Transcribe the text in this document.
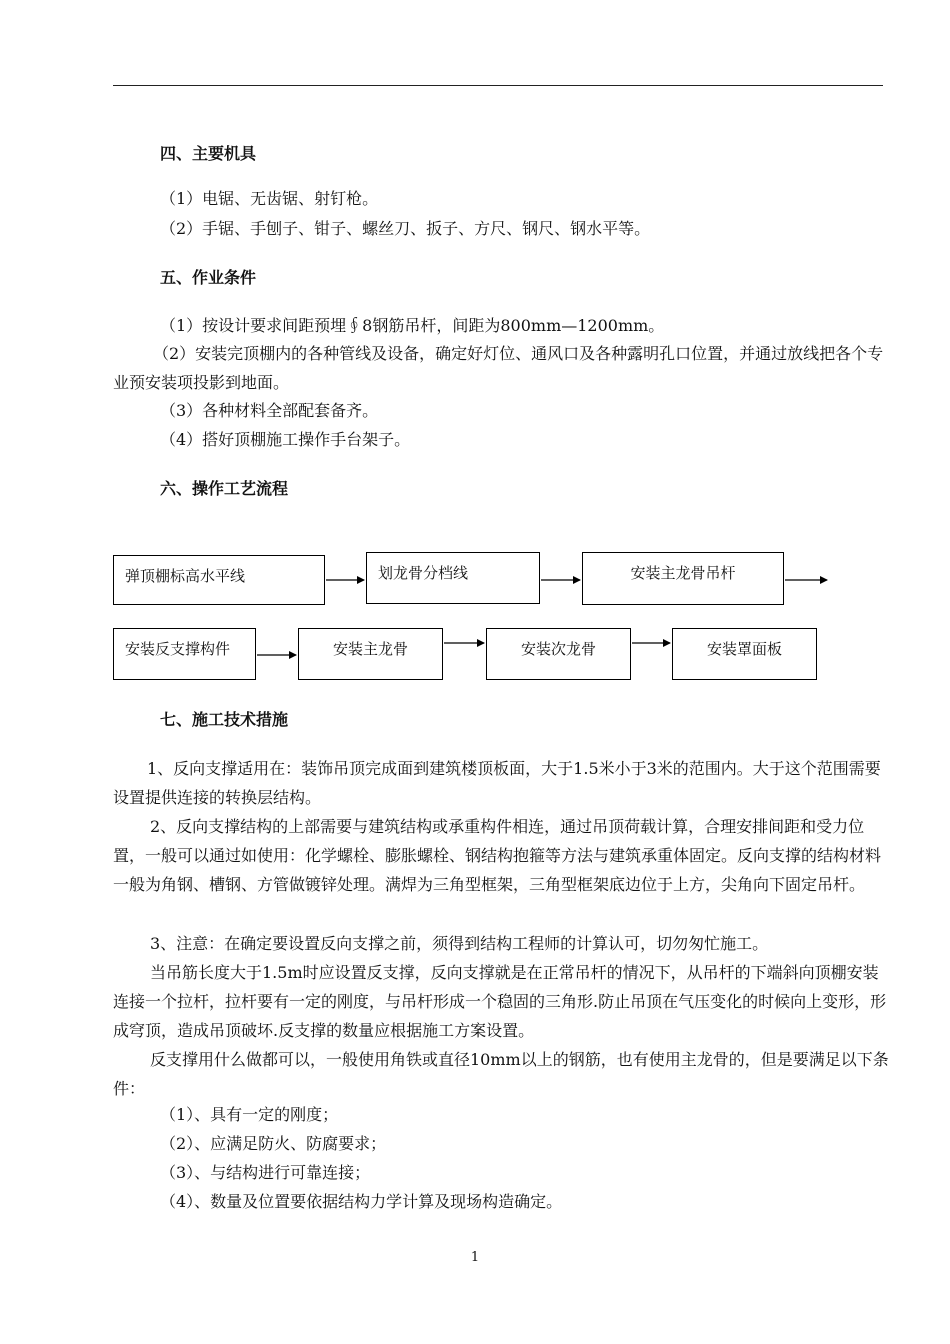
四、主要机具

（1）电锯、无齿锯、射钉枪。

（2）手锯、手刨子、钳子、螺丝刀、扳子、方尺、钢尺、钢水平等。

五、作业条件

（1）按设计要求间距预埋∮8钢筋吊杆，间距为800mm—1200mm。

（2）安装完顶棚内的各种管线及设备，确定好灯位、通风口及各种露明孔口位置，并通过放线把各个专业预安装项投影到地面。

（3）各种材料全部配套备齐。

（4）搭好顶棚施工操作手台架子。

六、操作工艺流程
弹顶棚标高水平线	划龙骨分档线	安装主龙骨吊杆
安装反支撑构件	安装主龙骨	安装次龙骨	安装罩面板
七、施工技术措施

1、反向支撑适用在：装饰吊顶完成面到建筑楼顶板面，大于1.5米小于3米的范围内。大于这个范围需要设置提供连接的转换层结构。

2、反向支撑结构的上部需要与建筑结构或承重构件相连，通过吊顶荷载计算，合理安排间距和受力位置，一般可以通过如使用：化学螺栓、膨胀螺栓、钢结构抱箍等方法与建筑承重体固定。反向支撑的结构材料一般为角钢、槽钢、方管做镀锌处理。满焊为三角型框架，三角型框架底边位于上方，尖角向下固定吊杆。

3、注意：在确定要设置反向支撑之前，须得到结构工程师的计算认可，切勿匆忙施工。

当吊筋长度大于1.5m时应设置反支撑，反向支撑就是在正常吊杆的情况下，从吊杆的下端斜向顶棚安装连接一个拉杆，拉杆要有一定的刚度，与吊杆形成一个稳固的三角形.防止吊顶在气压变化的时候向上变形，形成穹顶，造成吊顶破坏.反支撑的数量应根据施工方案设置。

反支撑用什么做都可以，一般使用角铁或直径10mm以上的钢筋，也有使用主龙骨的，但是要满足以下条件：

（1）、具有一定的刚度；

（2）、应满足防火、防腐要求；

（3）、与结构进行可靠连接；

（4）、数量及位置要依据结构力学计算及现场构造确定。

1
